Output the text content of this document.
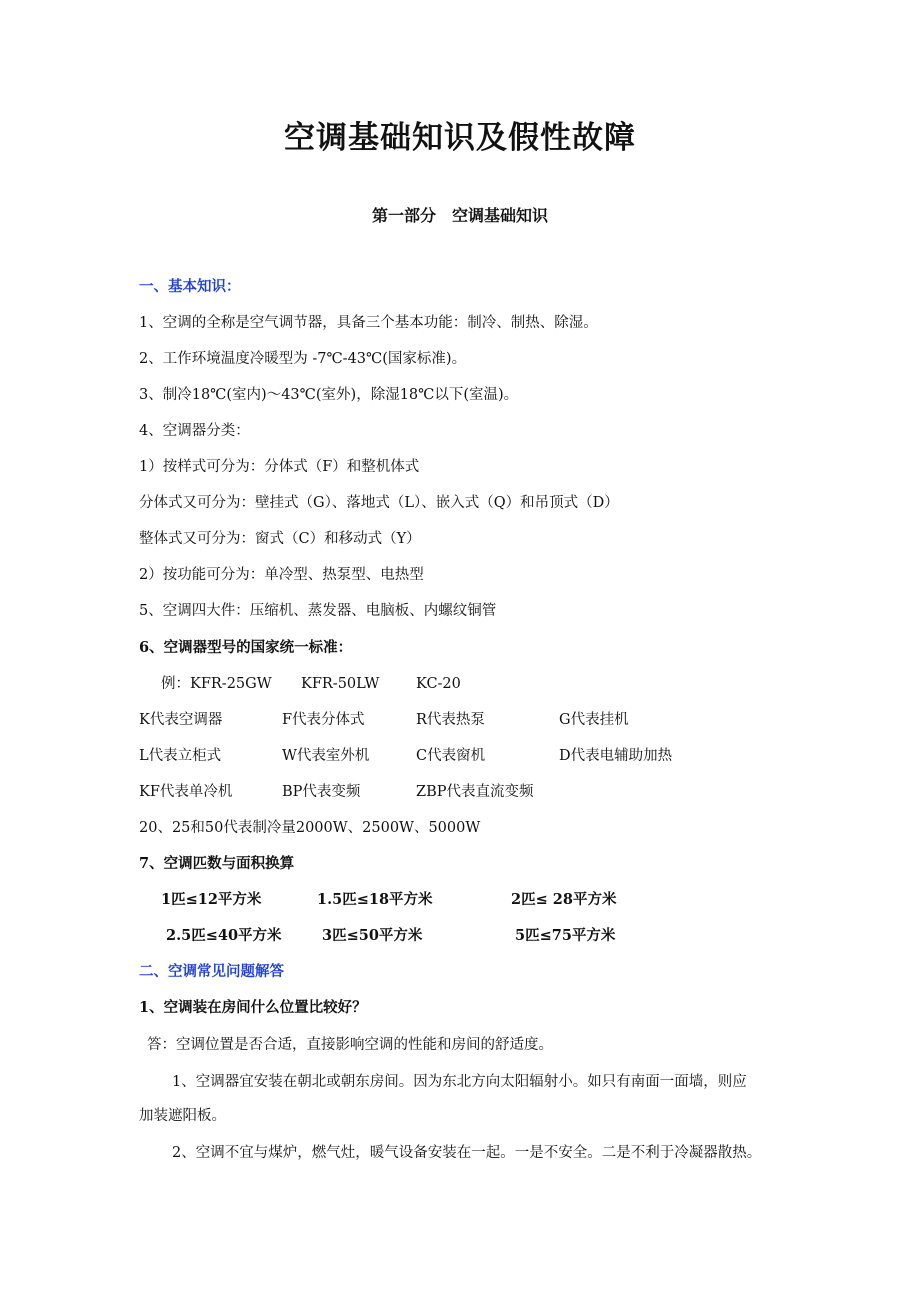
空调基础知识及假性故障
第一部分　空调基础知识
一、基本知识：
1、空调的全称是空气调节器，具备三个基本功能：制冷、制热、除湿。
2、工作环境温度冷暖型为 -7℃-43℃(国家标准)。
3、制冷18℃(室内)～43℃(室外)，除湿18℃以下(室温)。
4、空调器分类：
1）按样式可分为：分体式（F）和整机体式
分体式又可分为：壁挂式（G）、落地式（L）、嵌入式（Q）和吊顶式（D）
整体式又可分为：窗式（C）和移动式（Y）
2）按功能可分为：单冷型、热泵型、电热型
5、空调四大件：压缩机、蒸发器、电脑板、内螺纹铜管
6、空调器型号的国家统一标准：
例：KFR-25GW KFR-50LW	KC-20
K代表空调器	F代表分体式	R代表热泵	G代表挂机
L代表立柜式	W代表室外机	C代表窗机	D代表电辅助加热
KF代表单冷机	BP代表变频	ZBP代表直流变频
20、25和50代表制冷量2000W、2500W、5000W
7、空调匹数与面积换算
1匹≤12平方米	1.5匹≤18平方米	2匹≤ 28平方米
2.5匹≤40平方米	3匹≤50平方米	5匹≤75平方米
二、空调常见问题解答
1、空调装在房间什么位置比较好？
答：空调位置是否合适，直接影响空调的性能和房间的舒适度。
1、空调器宜安装在朝北或朝东房间。因为东北方向太阳辐射小。如只有南面一面墙，则应
加装遮阳板。
2、空调不宜与煤炉，燃气灶，暖气设备安装在一起。一是不安全。二是不利于冷凝器散热。
